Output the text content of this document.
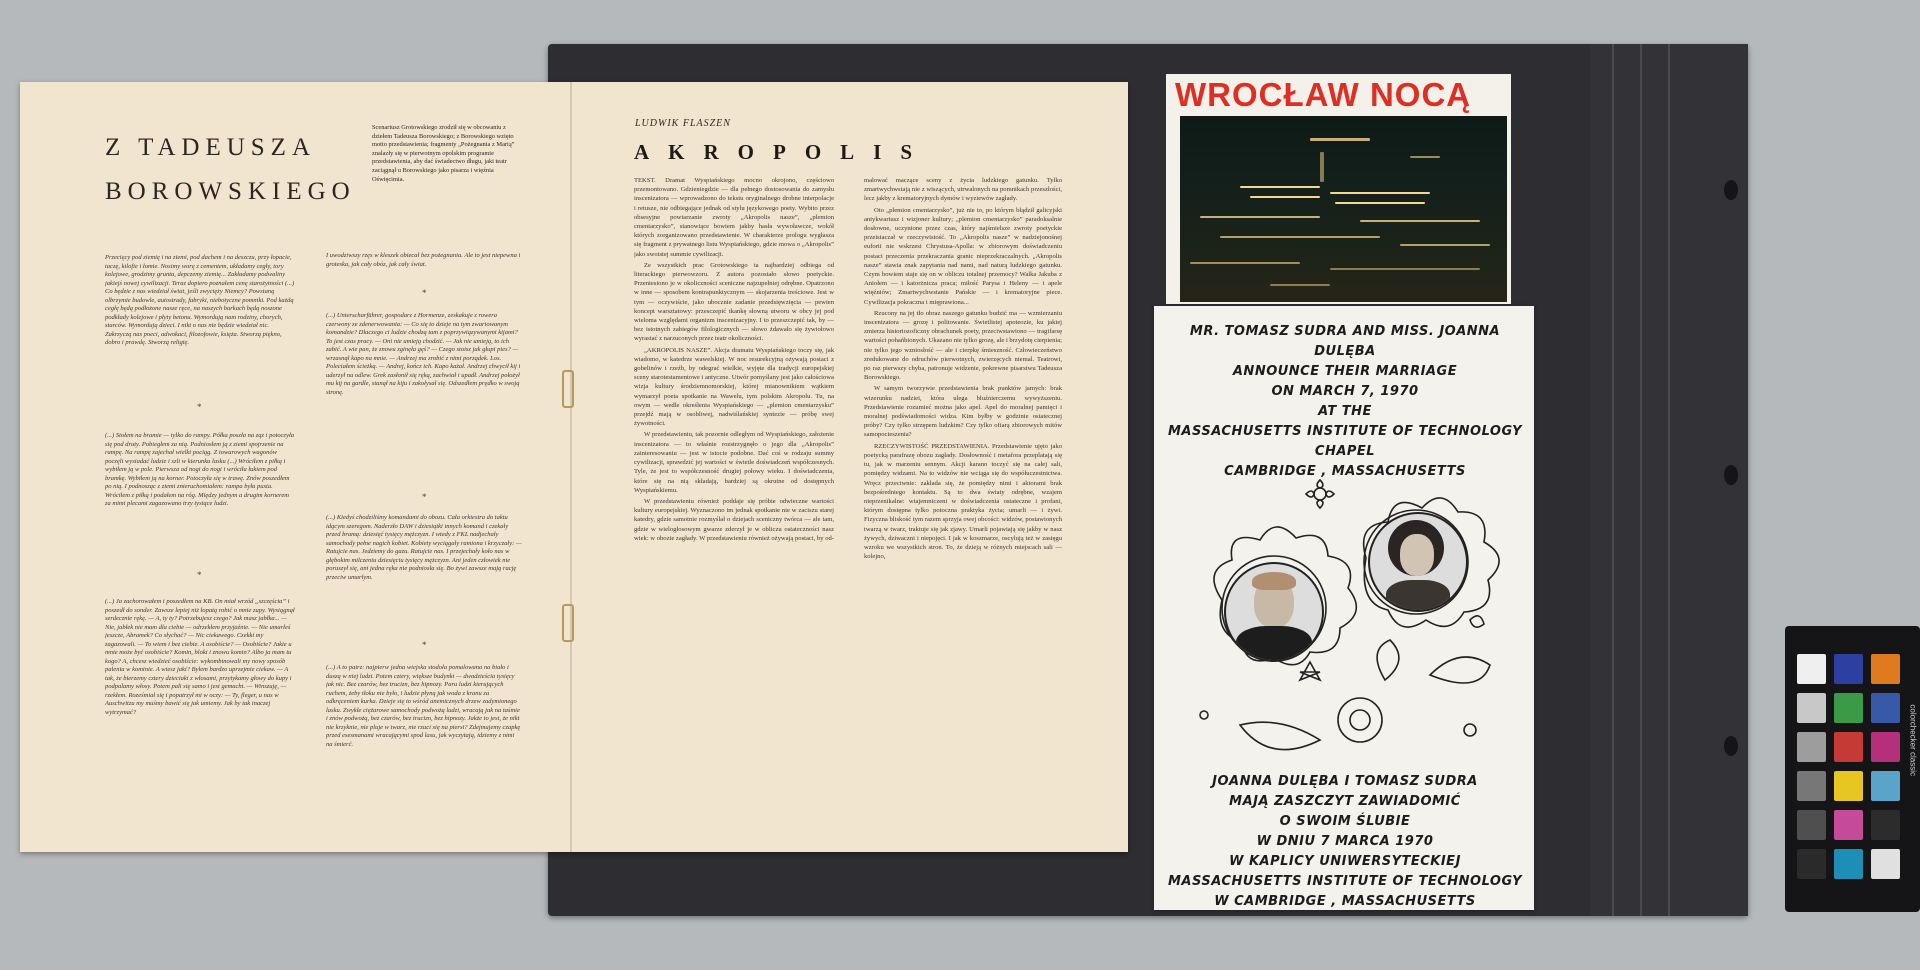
Z TADEUSZA
BOROWSKIEGO
Scenariusz Grotowskiego zrodził się w obcowaniu z dziełem Tadeusza Borowskiego; z Borowskiego wzięto motto przedstawienia; fragmenty „Pożegnania z Marią” znalazły się w pierwotnym opolskim programie przedstawienia, aby dać świadectwo długu, jaki teatr zaciągnął u Borowskiego jako pisarza i więźnia Oświęcimia.
Przecięcy pod ziemię i na ziemi, pod dachem i na deszczu, przy łopacie, taczę, kilofie i łomie. Nosimy worę z cementem, układamy cegły, tory kolejowe, grodzimy grunta, depczemy ziemię... Zakładamy podwaliny jakiejś nowej cywilizacji. Teraz dopiero poznałem cenę starożytności (...) Co będzie z nas wiedział świat, jeśli zwycięży Niemcy? Powstaną olbrzymie budowle, autostrady, fabryki, niebotyczne pomniki. Pod każdą cegłę będą podłożone nasze ręce, na naszych barkach będą noszone podkłady kolejowe i płyty betonu. Wymordują nam rodziny, chorych, starców. Wymordują dzieci. I nikt o nas nie będzie wiedział nic. Zakrzyczą nas poeci, adwokaci, filozofowie, księża. Stworzą piękno, dobro i prawdę. Stworzą religię.
*
(...) Stołem na bramie — tylko do rampy. Półka poszła na ząz i potoczyła się pod druty. Pobiegłem za nią. Podniosłem ją z ziemi spojrzenie na rampę. Na rampę zajechał wielki pociąg. Z towarowych wagonów poczęli wysiadać ludzie i szli w kierunku lasku (...) Wróciłem z piłką i wybiłem ją w pole. Pierwsza od nogi do nogi i wróciła łukiem pod bramkę. Wybiłem ją na korner. Potoczyła się w trawę. Znów poszedłem po nią. I podnosząc z ziemi znieruchomiałem: rampa była pusta. Wróciłem z piłką i podałem na róg. Między jednym a drugim kornerem za mimi plecami zagazowano trzy tysiące ludzi.
*
(...) Ja zachorowałem i poszedłem na KB. On miał wrzód „szczęścia” i poszedł do sonder. Zawsze lepiej niż łopatą robić o mnie zupy. Wysiągnął serdecznie rękę. — A, ty ty? Potrzebujesz czego? Jak masz jabłka... — Nie, jabłek nie mam dla ciebie — odrzekłem przyjaźnie. — Nie umarłeś jeszcze, Abramek? Co słychać? — Nic ciekawego. Czekki my zagazowali. — To wiem i bez ciebie. A osobiście? — Osobiście? Jakie u mnie może być osobiście? Komin, bloki i znowu komin? Albo ja mam tu kogo? A, chcesz wiedzieć osobiście: wykombinowali my nowy sposób palenia w kominie. A wiesz jaki? Byłem bardzo uprzejmie ciekaw. — A tak, że bierzemy cztery dzieciaki z włosami, przytykamy głowy do kupy i podpalamy włosy. Potem pali się samo i jest gemacht. — Winszuję, — rzekłem. Roześmiał się i popatrzył mi w oczy: — Ty, fleger, u nas w Auschwitzu my muśmy bawić się jak umiemy. Jak by tak inaczej wytrzymać?
I uwodziwszy rzęs w kleszek obiecał bez pożegnania. Ale to jest niepewna i groteska, jak cały obóz, jak cały świat.
*
(...) Unterscharführer, gospodarz z Hormenze, zeskakuje z rowera czerwony ze zdenerwowania: — Co się to dzieje na tym zwariowanym komandzie? Dlaczego ci ludzie chodzą tam z poprzywiązywanymi kijami? To jest czas pracy. — Oni nie umieją chodzić. — Jak nie umieją, to ich zabić. A wie pan, że znowu zginęła gęś? — Czego stoisz jak głupi pies? — wrzasnął kapo na mnie. — Andrzej ma zrobić z nimi porządek. Los. Poleciałem ścieżką. — Andrej, kończ ich. Kapo każał. Andrzej chwycił kij i uderzył na odlew. Grek zasłonił się ręką, zachwiał i upadł. Andrzej położył mu kij na gardle, stanął na kiju i zakołysał się. Odszedłem prędko w swoją stronę.
*
(...) Kiedyś chodziliśmy komandami do obozu. Cała orkiestra do taktu idącym szeregom. Naderzło DAW i dziesiątki innych komand i czekały przed bramą: dziesięć tysięcy mężczyzn. I wtedy z FKL nadjechały samochody pełne nagich kobiet. Kobiety wyciągały ramiona i krzyczały: — Ratujcie nas. Jedziemy do gazu. Ratujcie nas. I przejechały koło nas w głębokim milczeniu dziesięciu tysięcy mężczyzn. Ani jeden człowiek nie poruszył się, ani jedna ręka nie podniosła się. Bo żywi zawsze mają rację przeciw umarłym.
*
(...) A to patrz: najpierw jedna wiejska stodoła pomalowana na biało i duszą w niej ludzi. Potem cztery, większe budynki — dwadzieścia tysięcy jak nic. Bez czarów, bez trucizn, bez hipnozy. Paru ludzi kierujących ruchem, żeby tłoku nie było, i ludzie płyną jak woda z kranu za odkręceniem kurka. Dzieje się to wśród anemicznych drzew zadymionego lasku. Zwykłe ciężarowe samochody podwożą ludzi, wracają jak na taśmie i znów podwożą, bez czarów, bez trucizn, bez hipnozy. Jakże to jest, że nikt nie krzyknie, nie pluje w twarz, nie rzuci się na piersi? Zdejmujemy czapkę przed esesmanami wracającymi spod lasu, jak wyczytają, idziemy z nimi na śmierć.
LUDWIK FLASZEN
AKROPOLIS

TEKST. Dramat Wyspiańskiego mocno okrojono, częściowo przemontowano. Gdzieniegdzie — dla pełnego dostosowania do zamysłu inscenizatora — wprowadzono do tekstu oryginalnego drobne interpolacje i retusze, nie odbiegające jednak od stylu językowego poety. Wybito przez obsesyjne powtarzanie zwroty „Akropolis nasze”, „plemion cmentarzysko”, stanowiące bowiem jakby hasła wywoławcze, wokół których zorganizowano przedstawienie. W charakterze prologu wygłasza się fragment z prywatnego listu Wyspiańskiego, gdzie mowa o „Akropolis” jako swoistej summie cywilizacji.

Ze wszystkich prac Grotowskiego ta najbardziej odbiega od literackiego pierwowzoru. Z autora pozostało słowo poetyckie. Przeniesiono je w okoliczności sceniczne najzupełniej odrębne. Opatrzono w inne — sposobem kontrapunktycznym — skojarzenia treściowe. Jest w tym — oczywiście, jako ubocznie zadanie przedsięwzięcia — pewien koncept warsztatowy: przesczepić tkankę słowną utworu w obcy jej pod wieloma względami organizm inscenizacyjny. I to przeszczepić tak, by — bez istotnych zabiegów filologicznych — słowo żdawało się żywiołowo wyrastać z narzuconych przez teatr okoliczności.

„AKROPOLIS NASZE”. Akcja dramatu Wyspiańskiego toczy się, jak wiadomo, w katedrze wawelskiej. W noc resurekcyjną ożywają postaci z gobelinów i rzeźb, by odegrać wielkie, wyjęte dla tradycji europejskiej sceny starotestamentowe i antyczne. Utwór pomyślany jest jako całościowa wizja kultury środziemnomorskiej, której mianownikiem wątkiem wymarzył poeta spotkanie na Wawelu, tym polskim Akropolu. Tu, na owym — wedle określenia Wyspiańskiego — „plemion cmentarzysku” przejdź mają w osobliwej, nadwiślańskiej syntezie — próbę swej żywotności.

W przedstawieniu, tak pozornie odległym od Wyspiańskiego, założenie inscenizatora — to właśnie rozstrzygnęło o jego dla „Akropolis” zainteresowaniu — jest w istocie podobne. Dać coś w rodzaju summy cywilizacji, sprawdzić jej wartości w świetle doświadczeń współczesnych. Tyle, że jest to współczesność drugiej połowy wieku. I doświadczenia, które się na nią składają, bardziej są okrutne od dostępnych Wyspiańskiemu.

W przedstawieniu również poddaje się próbie odwieczne wartości kultury europejskiej. Wyznaczono im jednak spotkanie nie w zaciszu starej katedry, gdzie samotnie rozmyślał o dziejach sceniczny twórca — ale tam, gdzie w wielogłosowym gwarze zderzył je w obliczu ostateczności nasz wiek: w obozie zagłady. W przedstawieniu również ożywają postaci, by od-

malować maczące sceny z życia ludzkiego gatunku. Tylko zmartwychwstają nie z wiszących, utrwalonych na pomnikach przeszłości, lecz jakby z krematoryjnych dymów i wyziewów zagłady.

Oto „plemion cmentarzysko”, już nie to, po którym błądził galicyjski antykwariusz i wizjoner kultury; „plemion cmentarzysko” paradoksalnie dosłowne, uczynione przez czas, który najśmielsze zwroty poetyckie przeistaczał w rzeczywistość. To „Akropolis nasze” w nadziejonośnej euforii nie wskrzesi Chrystusa-Apolla: w zbiorowym doświadczeniu postaci przeczenia przekraczania granic nieprzekraczalnych. „Akropolis nasze” stawia znak zapytania nad nami, nad naturą ludzkiego gatunku. Czym bowiem staje się on w obliczu totalnej przemocy? Walka Jakuba z Aniołem — i katorżnicza praca; miłość Parysa i Heleny — i apele więźniów; Zmartwychwstanie Pańskie — i krematoryjne piece. Cywilizacja pokraczna i mięprawiona...

Rzucony na jej tło obraz naszego gatunku budzić ma — wzmierzaniu inscenizatora — grozę i politowanie. Świetlistej apoteozie, ku jakiej zmierza historiozoficzny obrachunek poety, przeciwstawiono — tragifarsę wartości pohańbionych. Ukazano nie tylko grozę, ale i brzydotę cierpienia; nie tylko jego wzniosłość — ale i cierpkę śmieszność. Człowieczeństwo zredukowane do odruchów pierwotnych, zwierzęcych niemal. Teatrowi, po raz pierwszy chyba, patronuje widzenie, pokrewne pisarstwu Tadeusza Borowskiego.

W samym tworzywie przedstawienia brak punktów jamych: brak wizerunku nadziei, która ulega bluźnierczemu wywyższeniu. Przedstawienie rozumieć można jako apel. Apel do moralnej pamięci i moralnej podświadomości widza. Kim byłby w godzinie ostatecznej próby? Czy tylko strzępem ludzkim? Czy tylko ofiarą zbiorowych mitów samopocieszenia?

RZECZYWISTOŚĆ PRZEDSTAWIENIA. Przedstawienie ujęto jako poetycką parafrazę obozu zagłady. Dosłowność i metafora przeplatają się tu, jak w marzeniu sennym. Akcji karano toczyć się na całej sali, pomiędzy widzami. Na to widzów nie wciąga się do współuczestnictwa. Wręcz przeciwnie: zakłada się, że pomiędzy nimi i aktorami brak bezpośredniego kontaktu. Są to dwa światy odrębne, wzajem nieprzenikalne: wtajemniczeni w doświadczenia ostateczne i profani, którym dostępna tylko potoczna praktyka życia; umarli — i żywi. Fizyczna bliskość tym razem sprzyja owej obcości: widzów, postawionych twarzą w twarz, traktuje się jak zjawy. Umarli pojawiają się jakby w nasz żywych, dziwaczni i niepojęci. I jak w koszmarze, oscylują też w zasięgu wzroku we wszystkich stron. To, że dzieją w różnych miejscach sali — kolejno,

WROCŁAW NOCĄ
MR. TOMASZ SUDRA AND MISS. JOANNA DULĘBA
ANNOUNCE THEIR MARRIAGE
ON MARCH 7, 1970
AT THE
MASSACHUSETTS INSTITUTE OF TECHNOLOGY
CHAPEL
CAMBRIDGE , MASSACHUSETTS
JOANNA DULĘBA I TOMASZ SUDRA
MAJĄ ZASZCZYT ZAWIADOMIĆ
O SWOIM ŚLUBIE
W DNIU 7 MARCA 1970
W KAPLICY UNIWERSYTECKIEJ
MASSACHUSETTS INSTITUTE OF TECHNOLOGY
W CAMBRIDGE , MASSACHUSETTS
colorchecker classic
